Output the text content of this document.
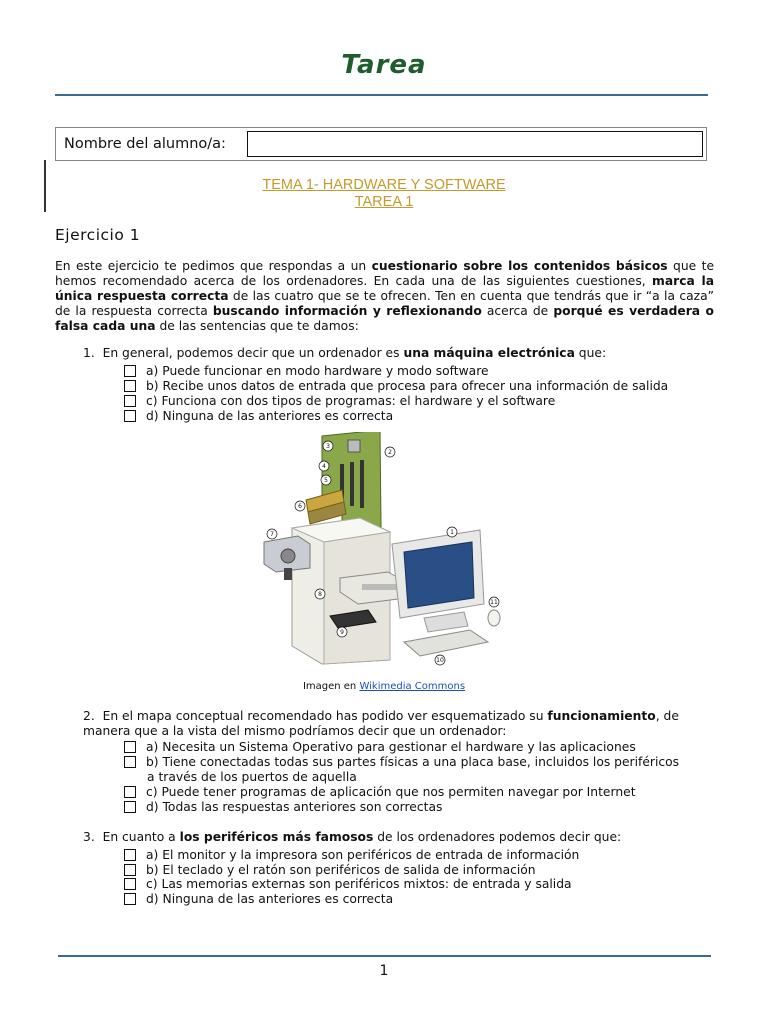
Tarea
Nombre del alumno/a:
TEMA 1- HARDWARE Y SOFTWARE
TAREA 1
Ejercicio 1

En este ejercicio te pedimos que respondas a un cuestionario sobre los contenidos básicos que te hemos recomendado acerca de los ordenadores. En cada una de las siguientes cuestiones, marca la única respuesta correcta de las cuatro que se te ofrecen. Ten en cuenta que tendrás que ir “a la caza” de la respuesta correcta buscando información y reflexionando acerca de porqué es verdadera o falsa cada una de las sentencias que te damos:

1. En general, podemos decir que un ordenador es una máquina electrónica que:
a) Puede funcionar en modo hardware y modo software
b) Recibe unos datos de entrada que procesa para ofrecer una información de salida
c) Funciona con dos tipos de programas: el hardware y el software
d) Ninguna de las anteriores es correcta
3
2
4
5
6
7	1
8
9
11
10
Imagen en Wikimedia Commons
2. En el mapa conceptual recomendado has podido ver esquematizado su funcionamiento, de manera que a la vista del mismo podríamos decir que un ordenador:
a) Necesita un Sistema Operativo para gestionar el hardware y las aplicaciones
b) Tiene conectadas todas sus partes físicas a una placa base, incluidos los periféricos
a través de los puertos de aquella
c) Puede tener programas de aplicación que nos permiten navegar por Internet
d) Todas las respuestas anteriores son correctas
3. En cuanto a los periféricos más famosos de los ordenadores podemos decir que:
a) El monitor y la impresora son periféricos de entrada de información
b) El teclado y el ratón son periféricos de salida de información
c) Las memorias externas son periféricos mixtos: de entrada y salida
d) Ninguna de las anteriores es correcta
1
